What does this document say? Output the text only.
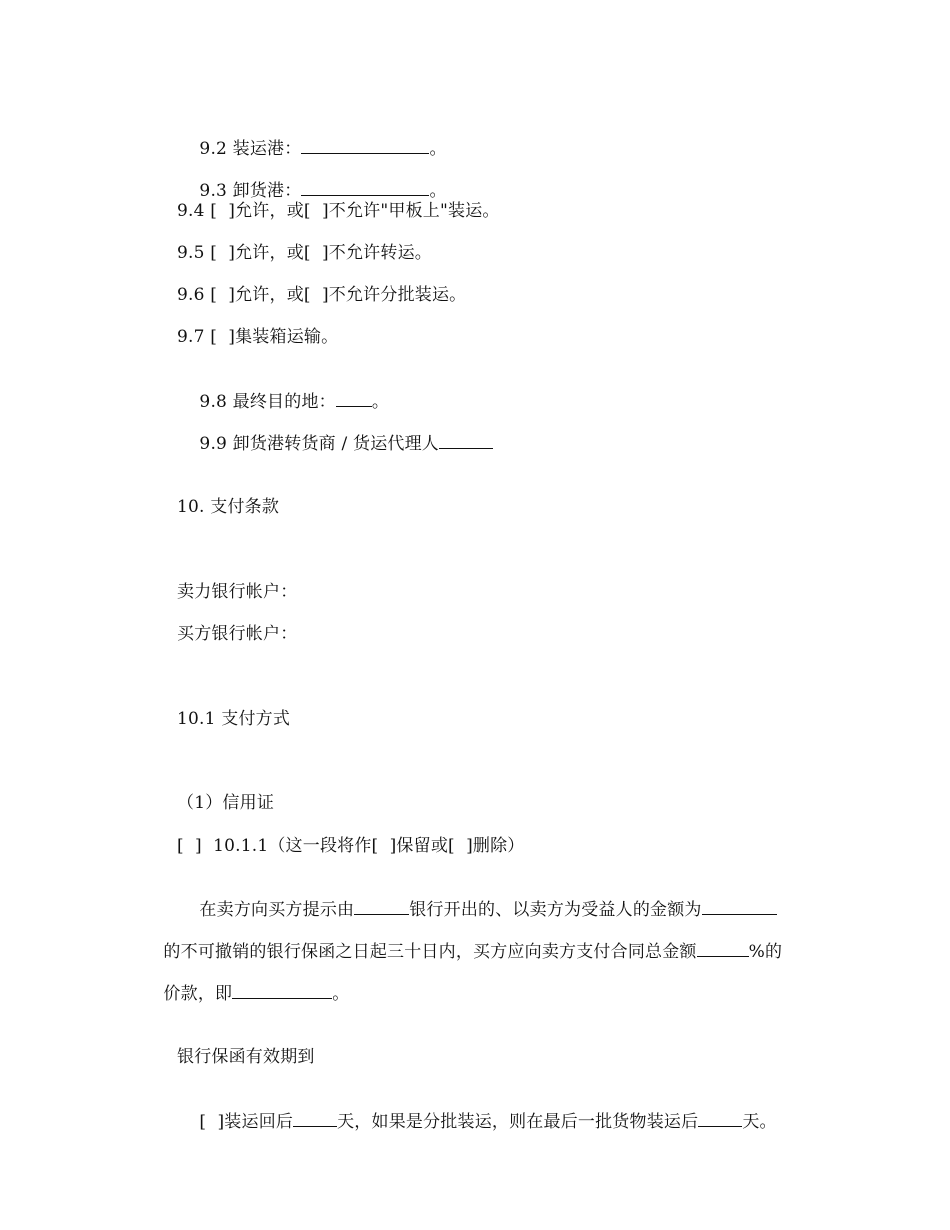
9.2 装运港：	。

9.3 卸货港：	。

9.4 [  ]允许，或[  ]不允许"甲板上"装运。
9.5 [  ]允许，或[  ]不允许转运。
9.6 [  ]允许，或[  ]不允许分批装运。
9.7 [  ]集装箱运输。

9.8 最终目的地： 。

9.9 卸货港转货商 / 货运代理人

10. 支付条款
卖力银行帐户：
买方银行帐户：
10.1 支付方式
（1）信用证
[  ]  10.1.1（这一段将作[  ]保留或[  ]删除）

在卖方向买方提示由	银行开出的、以卖方为受益人的金额为

的不可撤销的银行保函之日起三十日内，买方应向卖方支付合同总金额	%的

价款，即	。

银行保函有效期到

[  ]装运回后	天，如果是分批装运，则在最后一批货物装运后	天。
